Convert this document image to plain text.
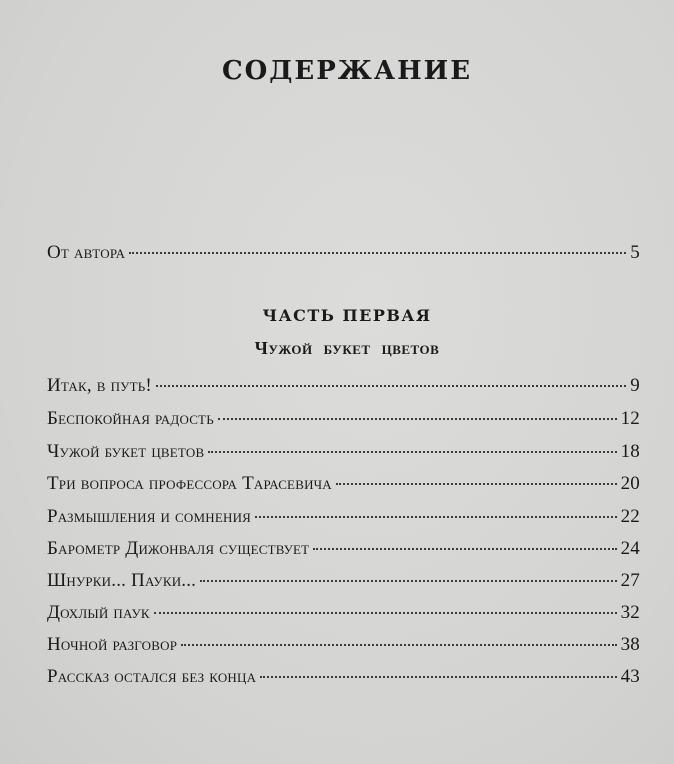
СОДЕРЖАНИЕ
От автора	5
ЧАСТЬ ПЕРВАЯ
Чужой букет цветов
Итак, в путь!	9
Беспокойная радость	12
Чужой букет цветов	18
Три вопроса профессора Тарасевича	20
Размышления и сомнения	22
Барометр Дижонваля существует	24
Шнурки... Пауки...	27
Дохлый паук	32
Ночной разговор	38
Рассказ остался без конца	43
